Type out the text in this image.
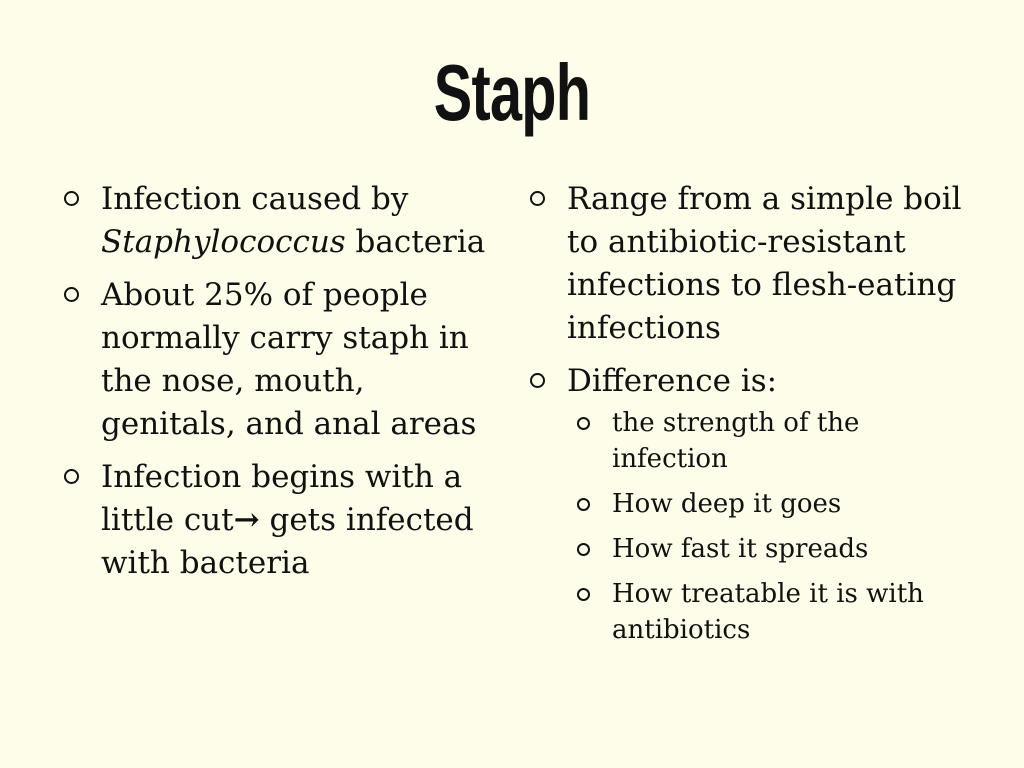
Staph
Infection caused by Staphylococcus bacteria
About 25% of people normally carry staph in the nose, mouth, genitals, and anal areas
Infection begins with a little cut→ gets infected with bacteria
Range from a simple boil to antibiotic-resistant infections to flesh-eating infections
Difference is:
the strength of the infection
How deep it goes
How fast it spreads
How treatable it is with antibiotics
